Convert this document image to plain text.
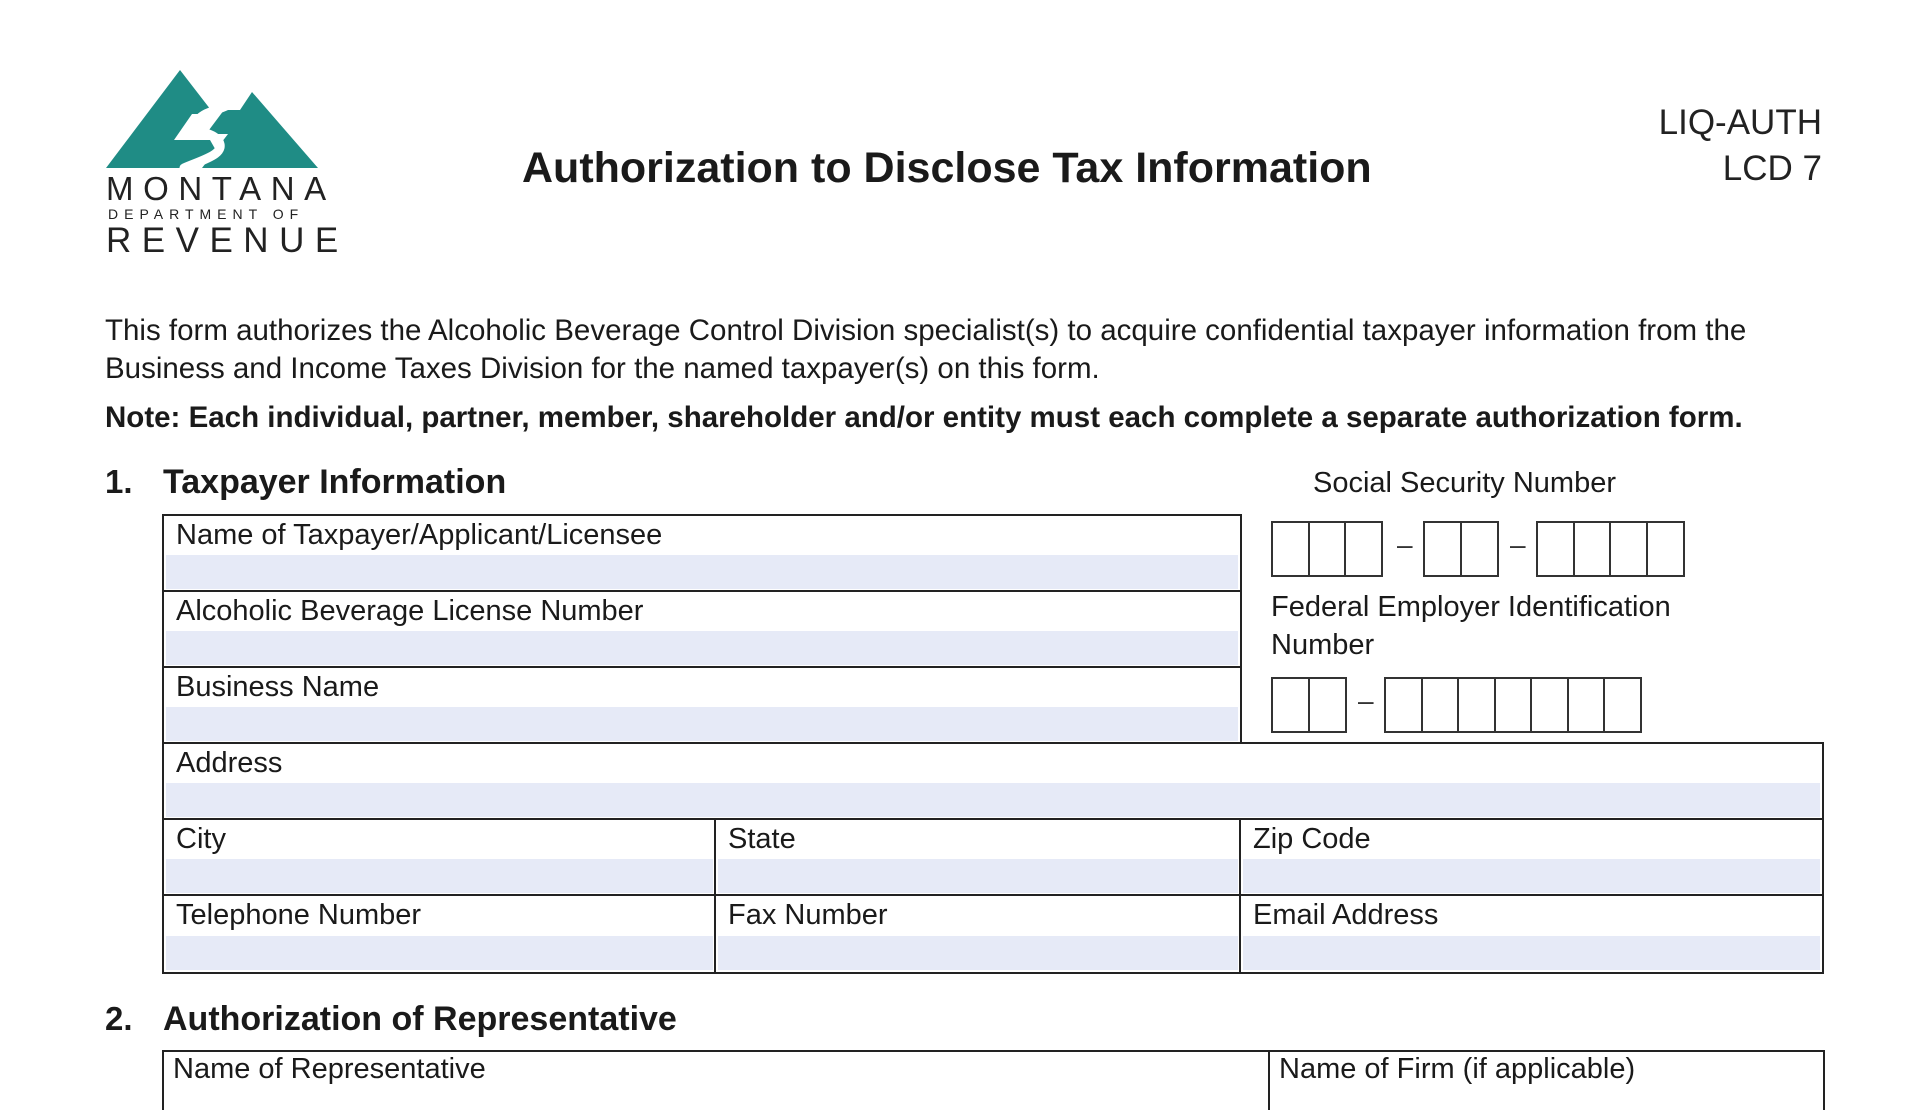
MONTANA
DEPARTMENT OF
REVENUE
Authorization to Disclose Tax Information
LIQ-AUTH
LCD 7
This form authorizes the Alcoholic Beverage Control Division specialist(s) to acquire confidential taxpayer information from the Business and Income Taxes Division for the named taxpayer(s) on this form.
Note: Each individual, partner, member, shareholder and/or entity must each complete a separate authorization form.
1. Taxpayer Information
Name of Taxpayer/Applicant/Licensee
Alcoholic Beverage License Number
Business Name
Address
City	State	Zip Code
Telephone Number	Fax Number	Email Address
Social Security Number
–	–
Federal Employer Identification
Number
–
2. Authorization of Representative
Name of Representative	Name of Firm (if applicable)
